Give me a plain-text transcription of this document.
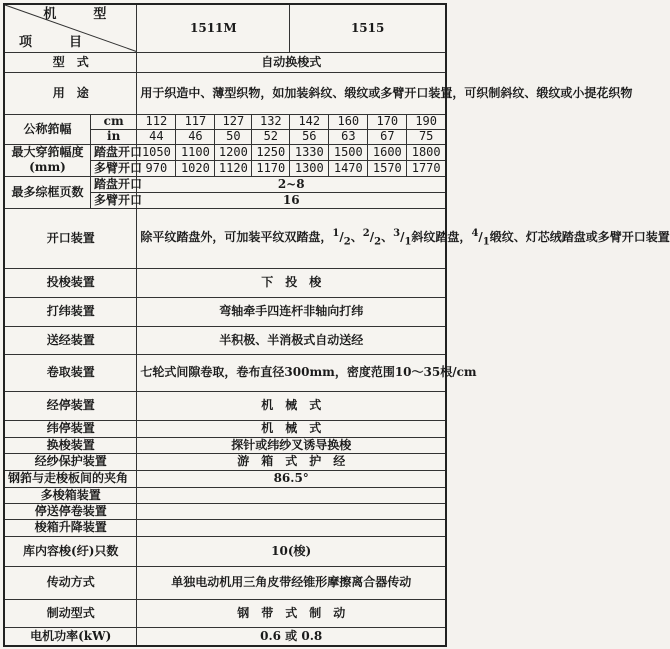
机　型
项　目		1511M				1515			
型　式		自动换梭式							
用　途		用于织造中、薄型织物，如加装斜纹、缎纹或多臂开口装置，可织制斜纹、缎纹或小提花织物							
公称筘幅	cm	112	117	127	132	142	160	170	190
	in	44	46	50	52	56	63	67	75
最大穿筘幅度
(mm)	踏盘开口	1050	1100	1200	1250	1330	1500	1600	1800
	多臂开口	970	1020	1120	1170	1300	1470	1570	1770
最多综框页数	踏盘开口	2~8							
	多臂开口	16							
开口装置		除平纹踏盘外，可加装平纹双踏盘，$^1/_2$、$^2/_2$、$^3/_1$斜纹踏盘，$^4/_1$缎纹、灯芯绒踏盘或多臂开口装置							
投梭装置		下　投　梭							
打纬装置		弯轴牵手四连杆非轴向打纬							
送经装置		半积极、半消极式自动送经							
卷取装置		七轮式间隙卷取，卷布直径300mm，密度范围10～35根/cm							
经停装置		机　械　式							
纬停装置		机　械　式							
换梭装置		探针或纬纱叉诱导换梭							
经纱保护装置		游　箱　式　护　经							
钢筘与走梭板间的夹角		86.5°							
多梭箱装置									
停送停卷装置									
梭箱升降装置									
库内容梭(纡)只数		10(梭)							
传动方式		单独电动机用三角皮带经锥形摩擦离合器传动							
制动型式		钢　带　式　制　动							
电机功率(kW)		0.6 或 0.8							
